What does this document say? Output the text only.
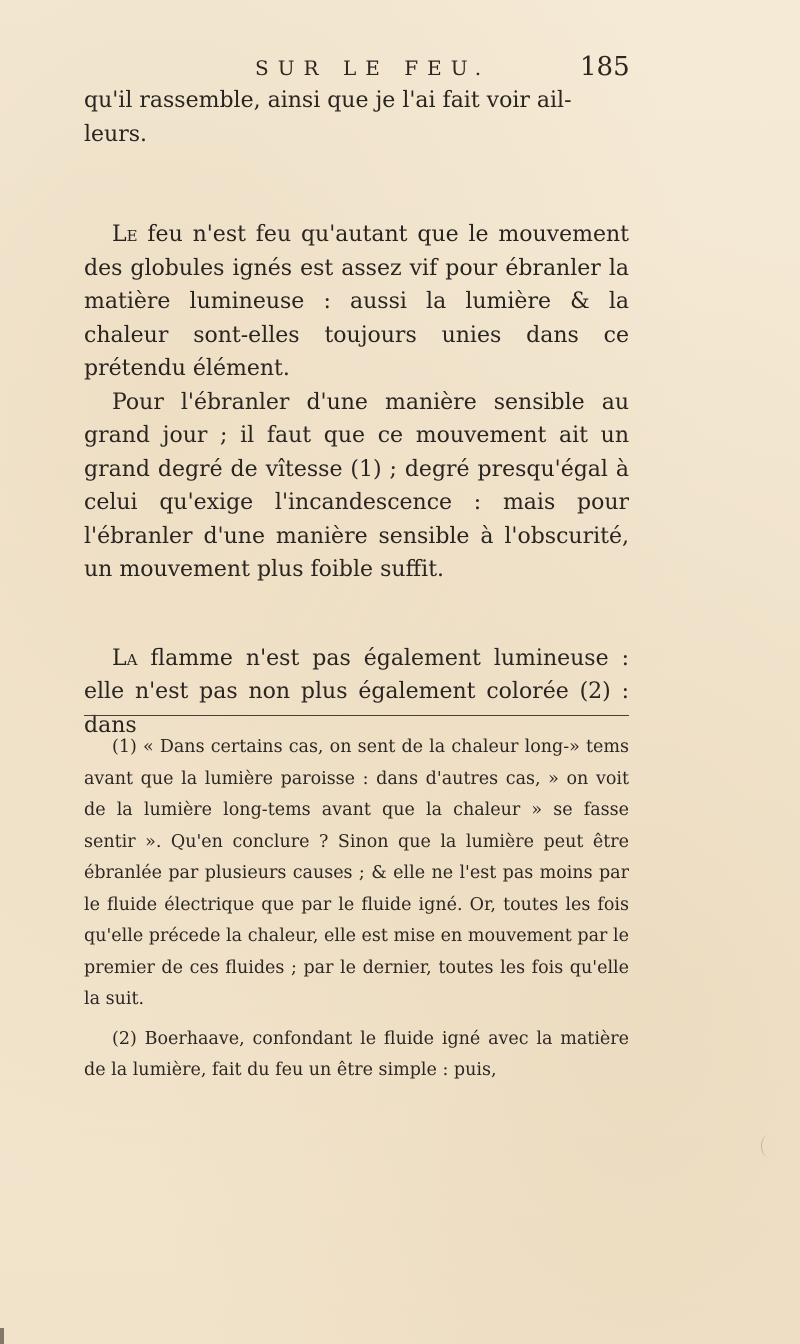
SUR LE FEU.	185

qu'il rassemble, ainsi que je l'ai fait voir ail-
leurs.

Le feu n'est feu qu'autant que le mouvement des globules ignés est assez vif pour ébranler la matière lumineuse : aussi la lumière & la chaleur sont-elles toujours unies dans ce prétendu élément.

Pour l'ébranler d'une manière sensible au grand jour ; il faut que ce mouvement ait un grand degré de vîtesse (1) ; degré presqu'égal à celui qu'exige l'incandescence : mais pour l'ébranler d'une manière sensible à l'obscurité, un mouvement plus foible suffit.

La flamme n'est pas également lumineuse : elle n'est pas non plus également colorée (2) : dans

(1) « Dans certains cas, on sent de la chaleur long-» tems avant que la lumière paroisse : dans d'autres cas, » on voit de la lumière long-tems avant que la chaleur » se fasse sentir ». Qu'en conclure ? Sinon que la lumière peut être ébranlée par plusieurs causes ; & elle ne l'est pas moins par le fluide électrique que par le fluide igné. Or, toutes les fois qu'elle précede la chaleur, elle est mise en mouvement par le premier de ces fluides ; par le dernier, toutes les fois qu'elle la suit.

(2) Boerhaave, confondant le fluide igné avec la matière de la lumière, fait du feu un être simple : puis,
